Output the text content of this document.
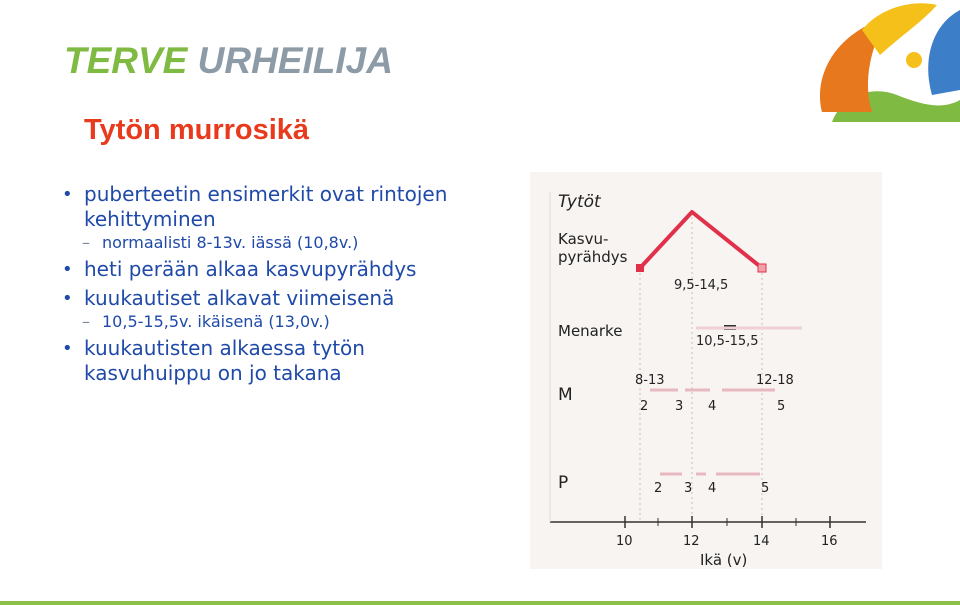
TERVE URHEILIJA
Tytön murrosikä
• puberteetin ensimerkit ovat rintojen kehittyminen
– normaalisti 8-13v. iässä (10,8v.)
• heti perään alkaa kasvupyrähdys
• kuukautiset alkavat viimeisenä
– 10,5-15,5v. ikäisenä (13,0v.)
• kuukautisten alkaessa tytön kasvuhuippu on jo takana
Tytöt
Kasvu-
pyrähdys
9,5-14,5
Menarke
10,5-15,5
M
8-13	12-18
2 3 4	5
P	2 3 4	5
10	12	14	16
Ikä (v)
